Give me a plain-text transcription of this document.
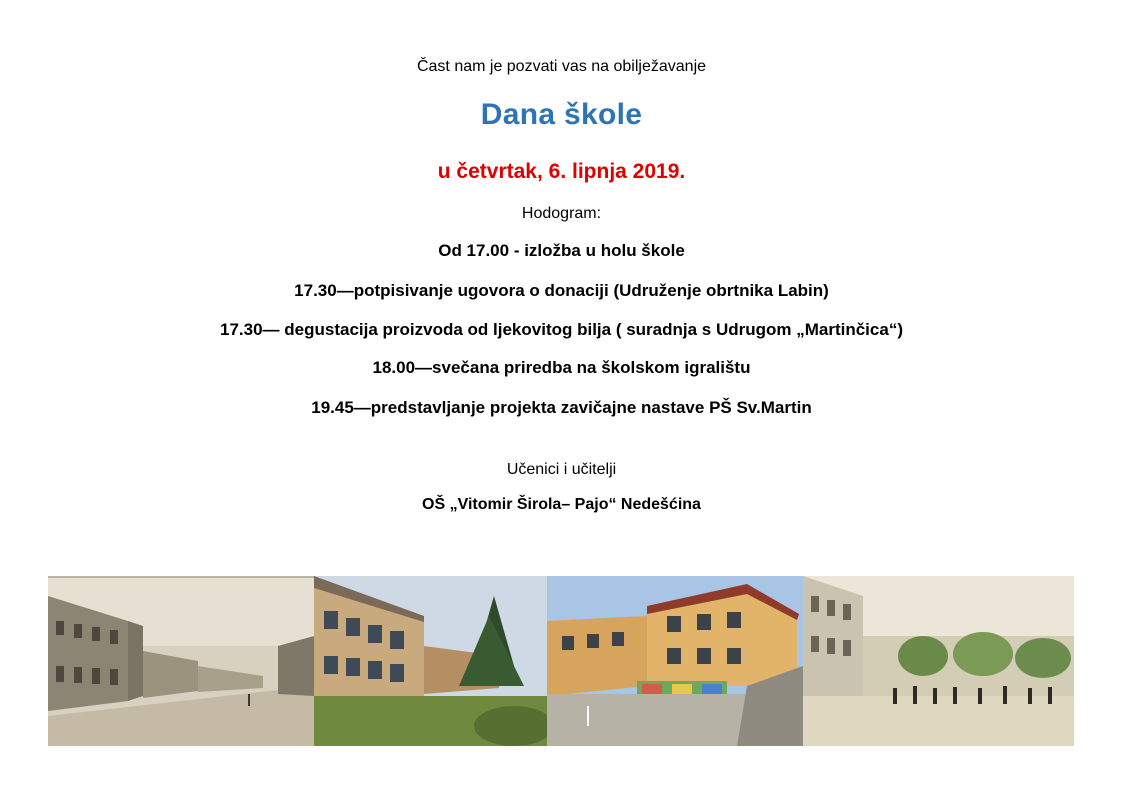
Čast nam je pozvati vas na obilježavanje
Dana škole
u četvrtak, 6. lipnja 2019.
Hodogram:
Od 17.00 - izložba u holu škole
17.30—potpisivanje ugovora o donaciji (Udruženje obrtnika Labin)
17.30— degustacija proizvoda od ljekovitog bilja ( suradnja s Udrugom „Martinčica“)
18.00—svečana priredba na školskom igralištu
19.45—predstavljanje projekta zavičajne nastave PŠ Sv.Martin
Učenici i učitelji
OŠ „Vitomir Širola– Pajo“ Nedešćina
